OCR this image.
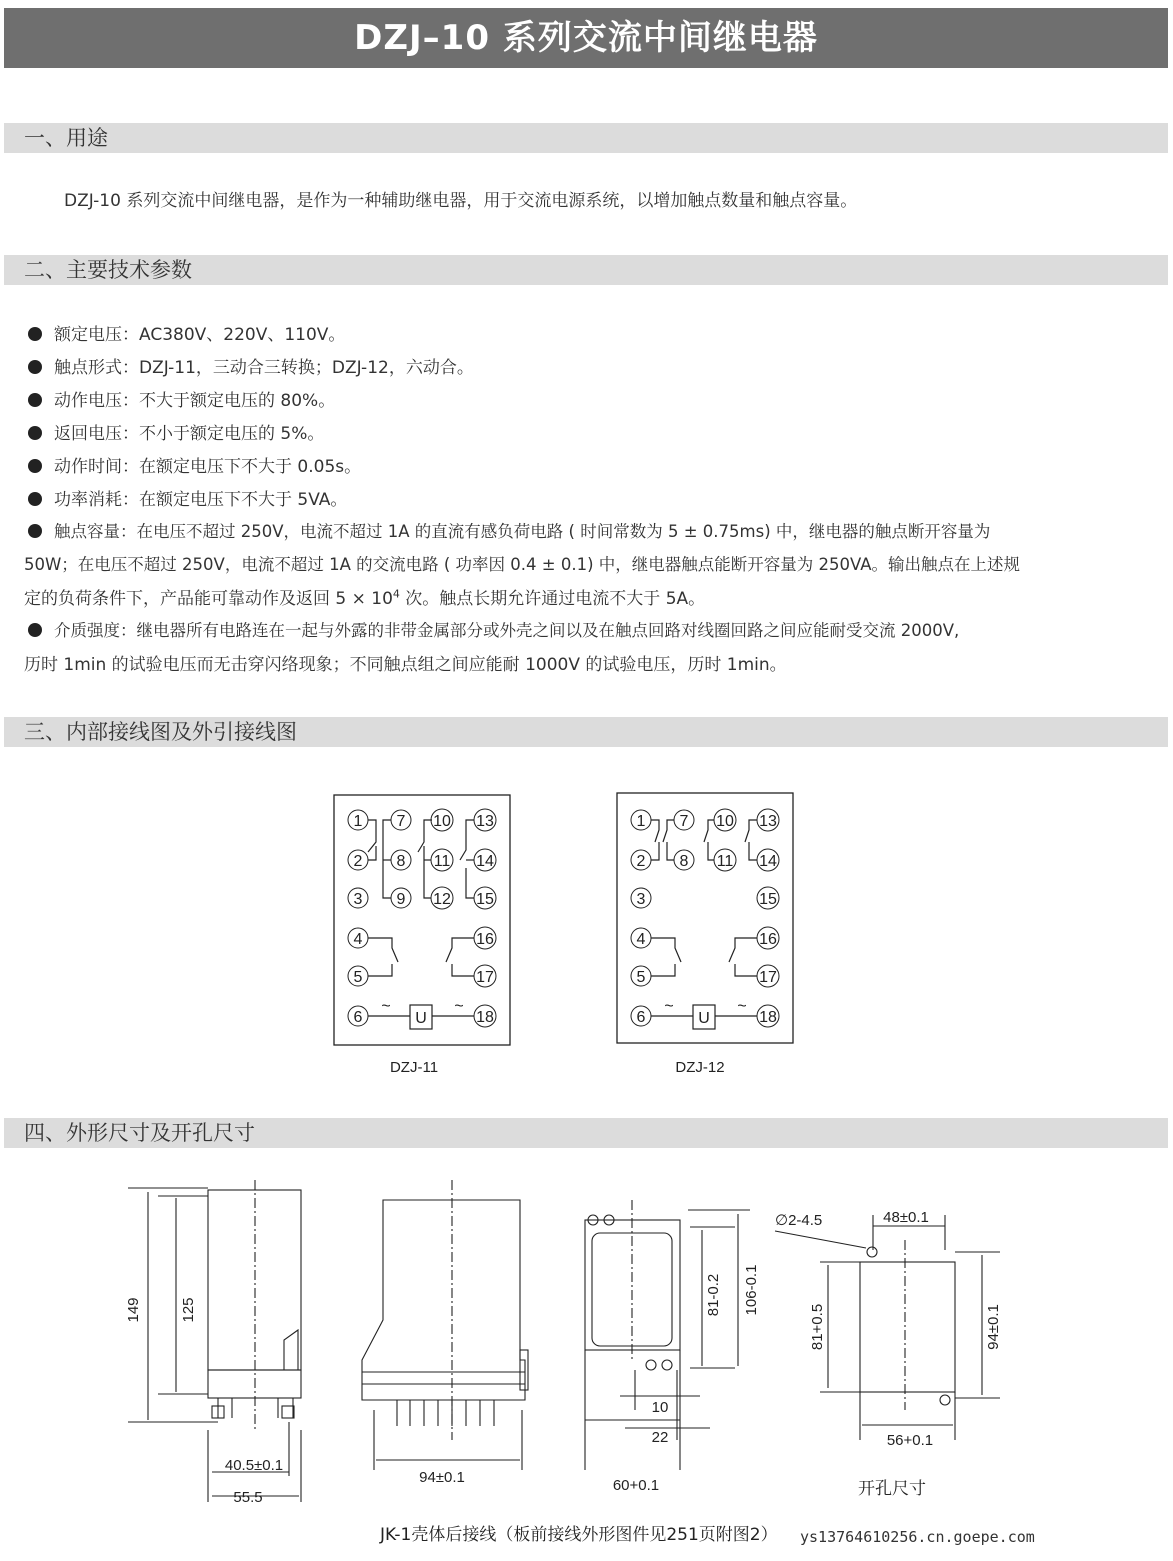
DZJ–10 系列交流中间继电器
一、用途
DZJ-10 系列交流中间继电器，是作为一种辅助继电器，用于交流电源系统，以增加触点数量和触点容量。
二、主要技术参数
额定电压：AC380V、220V、110V。
触点形式：DZJ-11，三动合三转换；DZJ-12，六动合。
动作电压：不大于额定电压的 80%。
返回电压：不小于额定电压的 5%。
动作时间：在额定电压下不大于 0.05s。
功率消耗：在额定电压下不大于 5VA。
触点容量：在电压不超过 250V，电流不超过 1A 的直流有感负荷电路 ( 时间常数为 5 ± 0.75ms) 中，继电器的触点断开容量为
50W；在电压不超过 250V，电流不超过 1A 的交流电路 ( 功率因 0.4 ± 0.1) 中，继电器触点能断开容量为 250VA。输出触点在上述规
定的负荷条件下，产品能可靠动作及返回 $5 \times 10^4$ 次。触点长期允许通过电流不大于 5A。
介质强度：继电器所有电路连在一起与外露的非带金属部分或外壳之间以及在触点回路对线圈回路之间应能耐受交流 2000V,
历时 1min 的试验电压而无击穿闪络现象；不同触点组之间应能耐 1000V 的试验电压，历时 1min。
三、内部接线图及外引接线图
1
2
3
4
5
6
7
8
9
10
11
12
13
14
15
16
17
18
~	~
U
DZJ-11
1
2
3
4
5
6
7
8
10
11
13
14
15
16
17
18
~	~
U
DZJ-12
四、外形尺寸及开孔尺寸
149	125
40.5±0.1
55.5
94±0.1
81-0.2 106-0.1
10
22
60+0.1
∅2-4.5	48±0.1
81+0.5	94±0.1
56+0.1
开孔尺寸
JK-1壳体后接线（板前接线外形图件见251页附图2） ys13764610256.cn.goepe.com
